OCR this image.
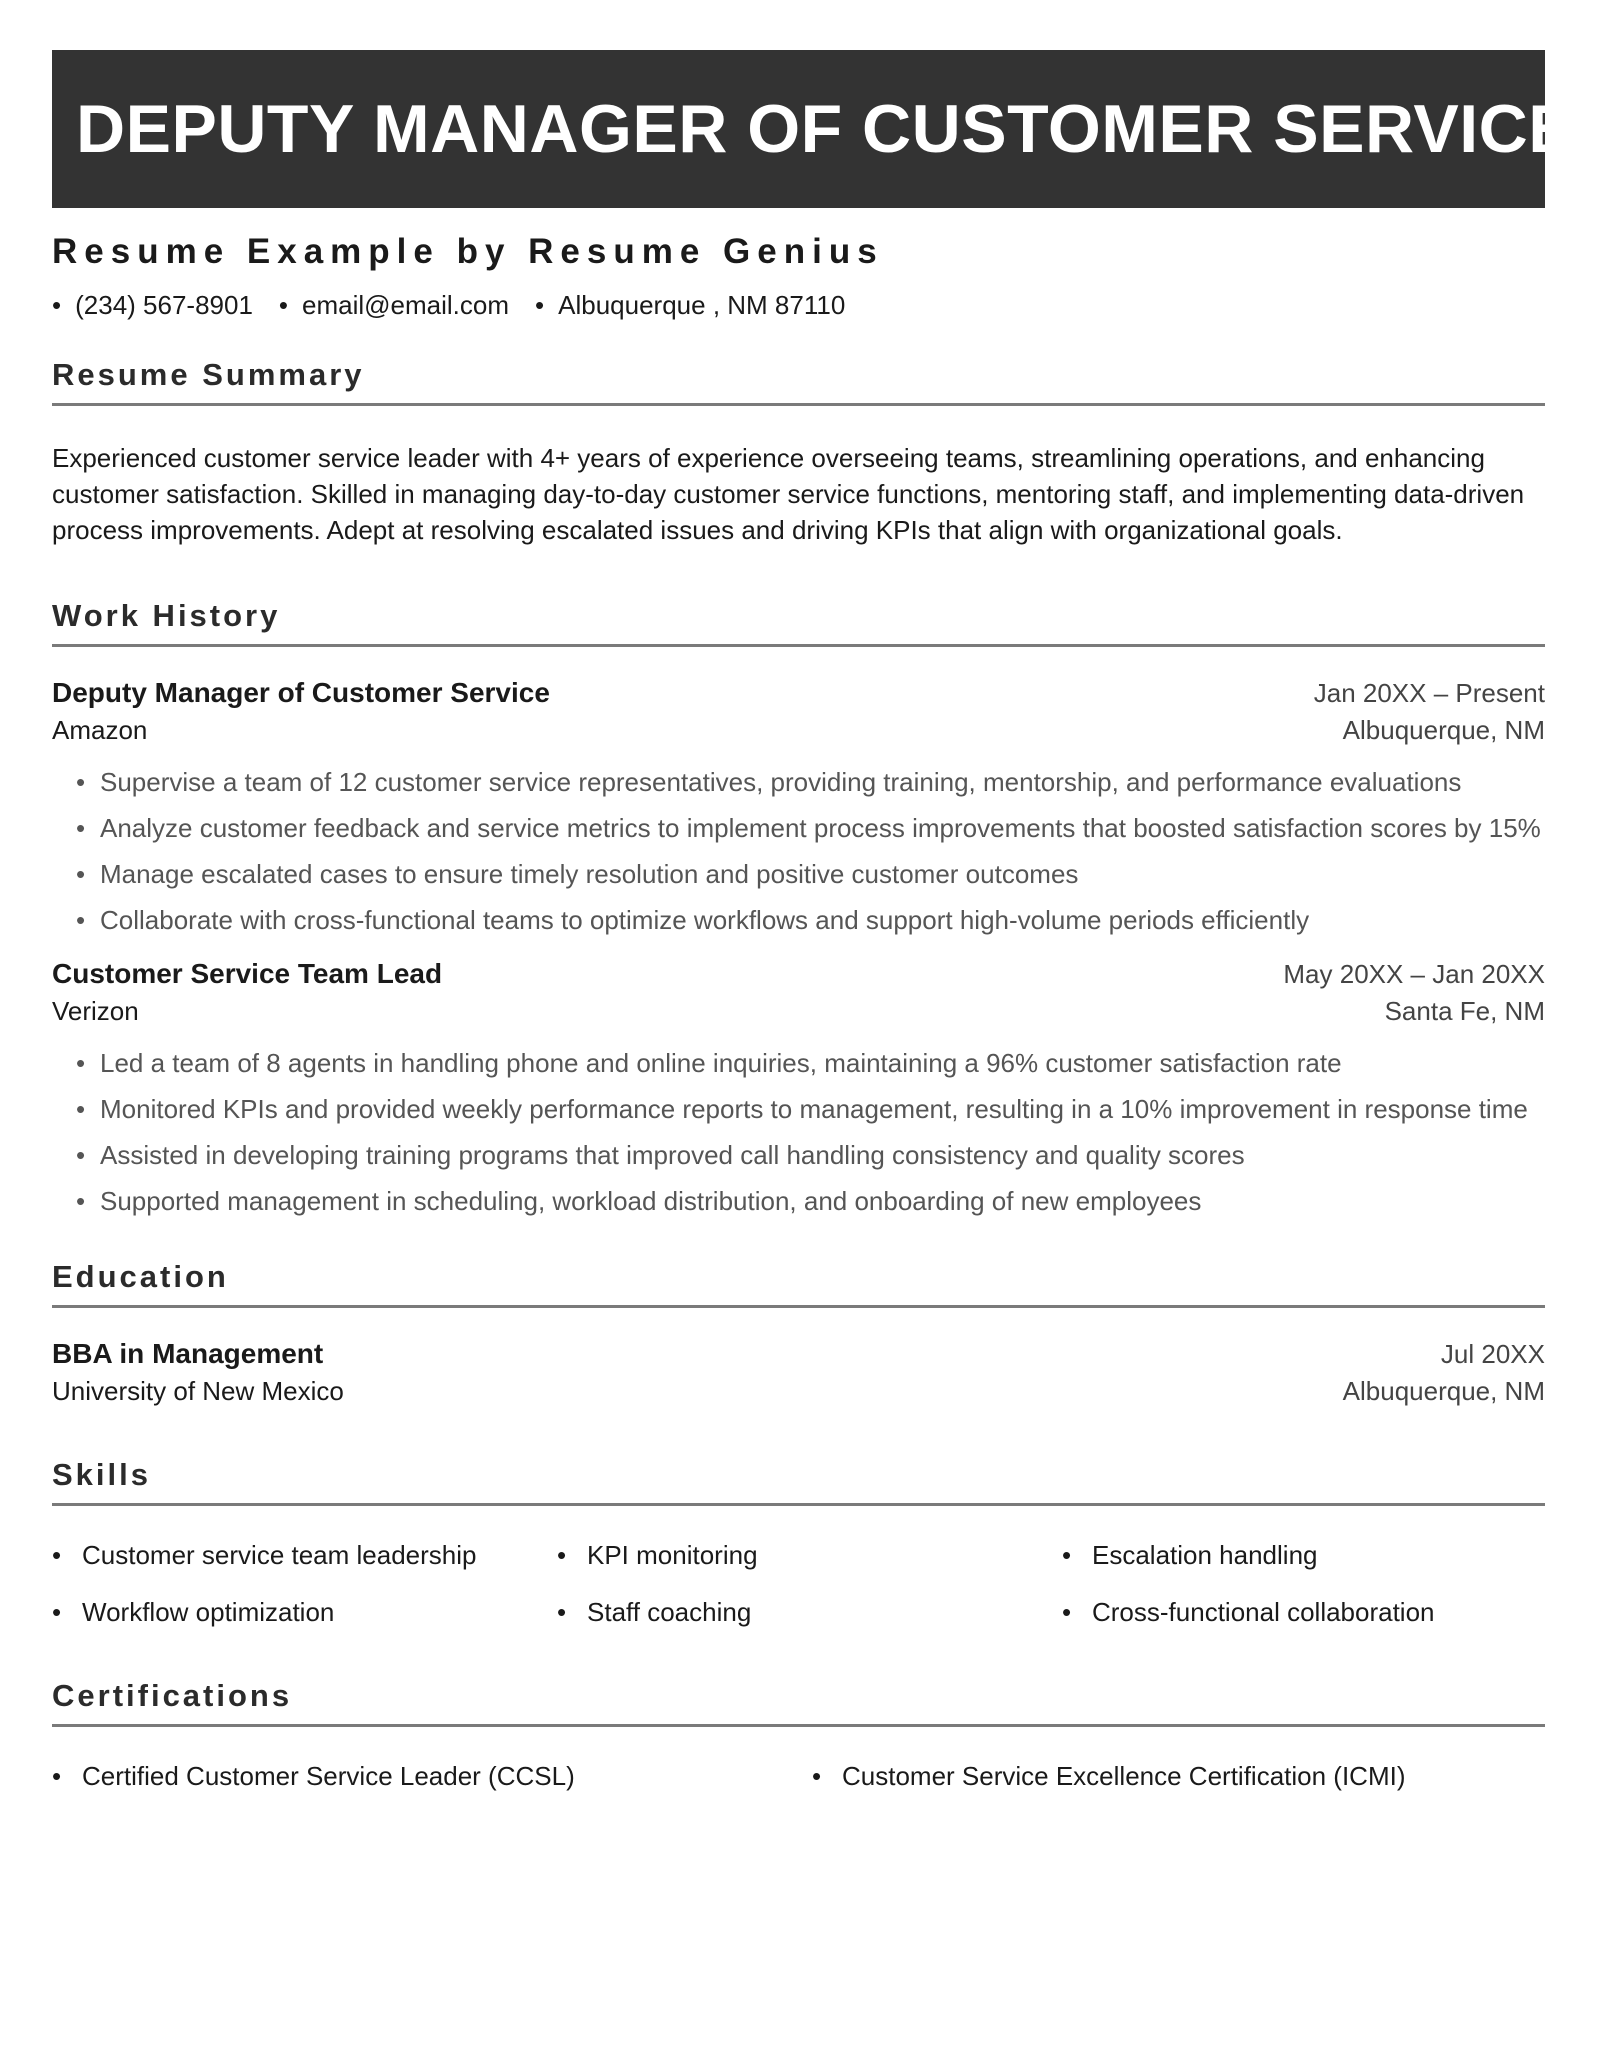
DEPUTY MANAGER OF CUSTOMER SERVICE
Resume Example by Resume Genius
• (234) 567-8901	• email@email.com	• Albuquerque , NM 87110
Resume Summary

Experienced customer service leader with 4+ years of experience overseeing teams, streamlining operations, and enhancing customer satisfaction. Skilled in managing day-to-day customer service functions, mentoring staff, and implementing data-driven process improvements. Adept at resolving escalated issues and driving KPIs that align with organizational goals.

Work History
Deputy Manager of Customer Service	Jan 20XX – Present
Amazon	Albuquerque, NM
• Supervise a team of 12 customer service representatives, providing training, mentorship, and performance evaluations
• Analyze customer feedback and service metrics to implement process improvements that boosted satisfaction scores by 15%
• Manage escalated cases to ensure timely resolution and positive customer outcomes
• Collaborate with cross-functional teams to optimize workflows and support high-volume periods efficiently
Customer Service Team Lead	May 20XX – Jan 20XX
Verizon	Santa Fe, NM
• Led a team of 8 agents in handling phone and online inquiries, maintaining a 96% customer satisfaction rate
• Monitored KPIs and provided weekly performance reports to management, resulting in a 10% improvement in response time
• Assisted in developing training programs that improved call handling consistency and quality scores
• Supported management in scheduling, workload distribution, and onboarding of new employees
Education
BBA in Management	Jul 20XX
University of New Mexico	Albuquerque, NM
Skills
• Customer service team leadership	• KPI monitoring	• Escalation handling
• Workflow optimization	• Staff coaching	• Cross-functional collaboration
Certifications
• Certified Customer Service Leader (CCSL)	• Customer Service Excellence Certification (ICMI)
